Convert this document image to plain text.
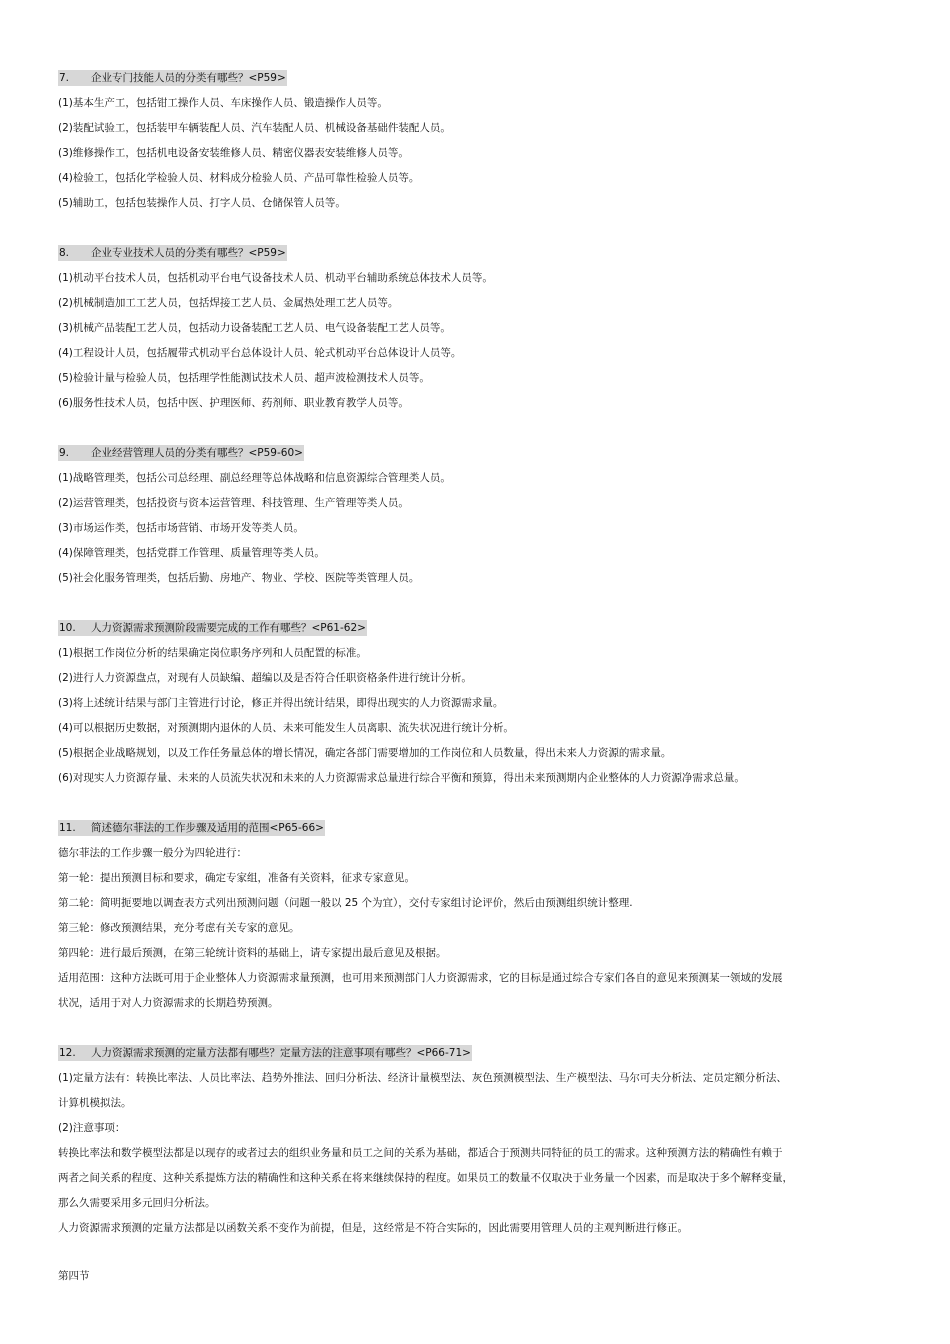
7. 企业专门技能人员的分类有哪些？<P59>
(1)基本生产工，包括钳工操作人员、车床操作人员、锻造操作人员等。
(2)装配试验工，包括装甲车辆装配人员、汽车装配人员、机械设备基础件装配人员。
(3)维修操作工，包括机电设备安装维修人员、精密仪器表安装维修人员等。
(4)检验工，包括化学检验人员、材料成分检验人员、产品可靠性检验人员等。
(5)辅助工，包括包装操作人员、打字人员、仓储保管人员等。
8. 企业专业技术人员的分类有哪些？<P59>
(1)机动平台技术人员，包括机动平台电气设备技术人员、机动平台辅助系统总体技术人员等。
(2)机械制造加工工艺人员，包括焊接工艺人员、金属热处理工艺人员等。
(3)机械产品装配工艺人员，包括动力设备装配工艺人员、电气设备装配工艺人员等。
(4)工程设计人员，包括履带式机动平台总体设计人员、轮式机动平台总体设计人员等。
(5)检验计量与检验人员，包括理学性能测试技术人员、超声波检测技术人员等。
(6)服务性技术人员，包括中医、护理医师、药剂师、职业教育教学人员等。
9. 企业经营管理人员的分类有哪些？<P59-60>
(1)战略管理类，包括公司总经理、副总经理等总体战略和信息资源综合管理类人员。
(2)运营管理类，包括投资与资本运营管理、科技管理、生产管理等类人员。
(3)市场运作类，包括市场营销、市场开发等类人员。
(4)保障管理类，包括党群工作管理、质量管理等类人员。
(5)社会化服务管理类，包括后勤、房地产、物业、学校、医院等类管理人员。
10. 人力资源需求预测阶段需要完成的工作有哪些？<P61-62>
(1)根据工作岗位分析的结果确定岗位职务序列和人员配置的标准。
(2)进行人力资源盘点，对现有人员缺编、超编以及是否符合任职资格条件进行统计分析。
(3)将上述统计结果与部门主管进行讨论，修正并得出统计结果，即得出现实的人力资源需求量。
(4)可以根据历史数据，对预测期内退休的人员、未来可能发生人员离职、流失状况进行统计分析。
(5)根据企业战略规划，以及工作任务量总体的增长情况，确定各部门需要增加的工作岗位和人员数量，得出未来人力资源的需求量。
(6)对现实人力资源存量、未来的人员流失状况和未来的人力资源需求总量进行综合平衡和预算，得出未来预测期内企业整体的人力资源净需求总量。
11. 简述德尔菲法的工作步骤及适用的范围<P65-66>
德尔菲法的工作步骤一般分为四轮进行：
第一轮：提出预测目标和要求，确定专家组，准备有关资料，征求专家意见。
第二轮：简明扼要地以调查表方式列出预测问题（问题一般以 25 个为宜），交付专家组讨论评价，然后由预测组织统计整理.
第三轮：修改预测结果，充分考虑有关专家的意见。
第四轮：进行最后预测，在第三轮统计资料的基础上，请专家提出最后意见及根据。
适用范围：这种方法既可用于企业整体人力资源需求量预测，也可用来预测部门人力资源需求，它的目标是通过综合专家们各自的意见来预测某一领域的发展
状况，适用于对人力资源需求的长期趋势预测。
12. 人力资源需求预测的定量方法都有哪些？定量方法的注意事项有哪些？<P66-71>
(1)定量方法有：转换比率法、人员比率法、趋势外推法、回归分析法、经济计量模型法、灰色预测模型法、生产模型法、马尔可夫分析法、定员定额分析法、
计算机模拟法。
(2)注意事项：
转换比率法和数学模型法都是以现存的或者过去的组织业务量和员工之间的关系为基础，都适合于预测共同特征的员工的需求。这种预测方法的精确性有赖于
两者之间关系的程度、这种关系提炼方法的精确性和这种关系在将来继续保持的程度。如果员工的数量不仅取决于业务量一个因素，而是取决于多个解释变量，
那么久需要采用多元回归分析法。
人力资源需求预测的定量方法都是以函数关系不变作为前提，但是，这经常是不符合实际的，因此需要用管理人员的主观判断进行修正。
第四节
